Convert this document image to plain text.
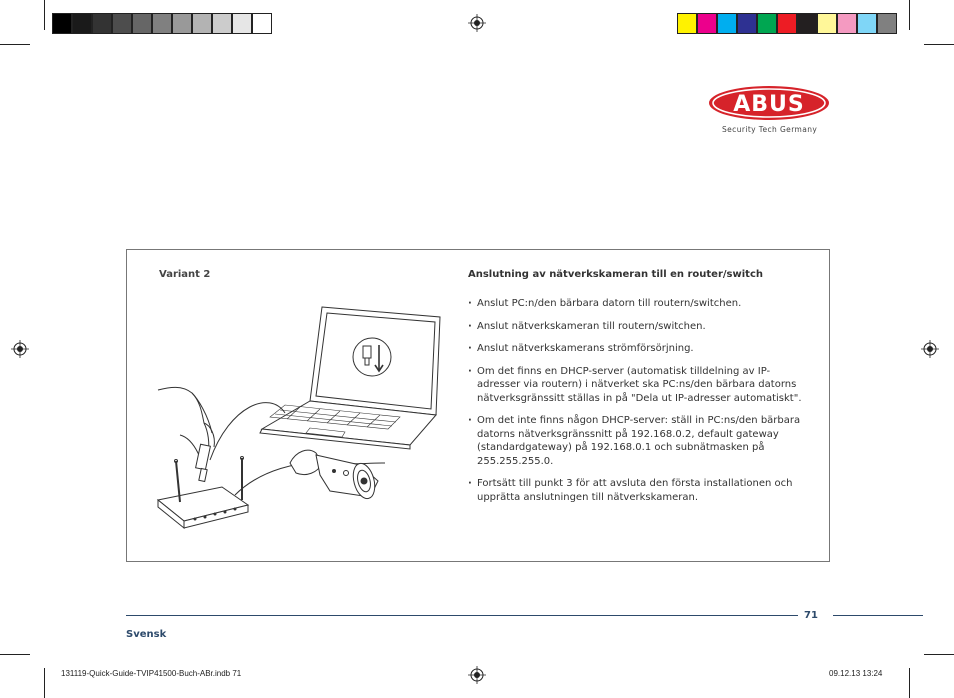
ABUS
Security Tech Germany
Variant 2	Anslutning av nätverkskameran till en router/switch
· Anslut PC:n/den bärbara datorn till routern/switchen.
· Anslut nätverkskameran till routern/switchen.
· Anslut nätverkskamerans strömförsörjning.
· Om det finns en DHCP-server (automatisk tilldelning av IP-adresser via routern) i nätverket ska PC:ns/den bärbara datorns nätverksgränssitt ställas in på "Dela ut IP-adresser automatiskt".
· Om det inte finns någon DHCP-server: ställ in PC:ns/den bärbara datorns nätverksgränssnitt på 192.168.0.2, default gateway (standardgateway) på 192.168.0.1 och subnätmasken på 255.255.255.0.
· Fortsätt till punkt 3 för att avsluta den första installationen och upprätta anslutningen till nätverkskameran.
71
Svensk
131119-Quick-Guide-TVIP41500-Buch-ABr.indb 71	09.12.13 13:24
